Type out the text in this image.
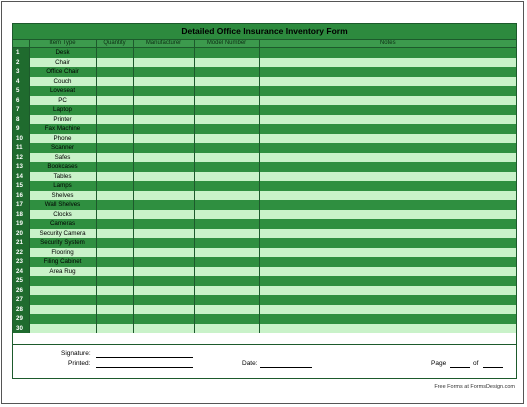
Detailed Office Insurance Inventory Form
	Item Type	Quantity	Manufacturer	Model Number	Notes
1	Desk				
2	Chair				
3	Office Chair				
4	Couch				
5	Loveseat				
6	PC				
7	Laptop				
8	Printer				
9	Fax Machine				
10	Phone				
11	Scanner				
12	Safes				
13	Bookcases				
14	Tables				
15	Lamps				
16	Shelves				
17	Wall Shelves				
18	Clocks				
19	Cameras				
20	Security Camera				
21	Security System				
22	Flooring				
23	Filing Cabinet				
24	Area Rug				
25					
26					
27					
28					
29					
30					
Signature:
Printed:	Date:	Page	of
Free Forms at FormsDesign.com
